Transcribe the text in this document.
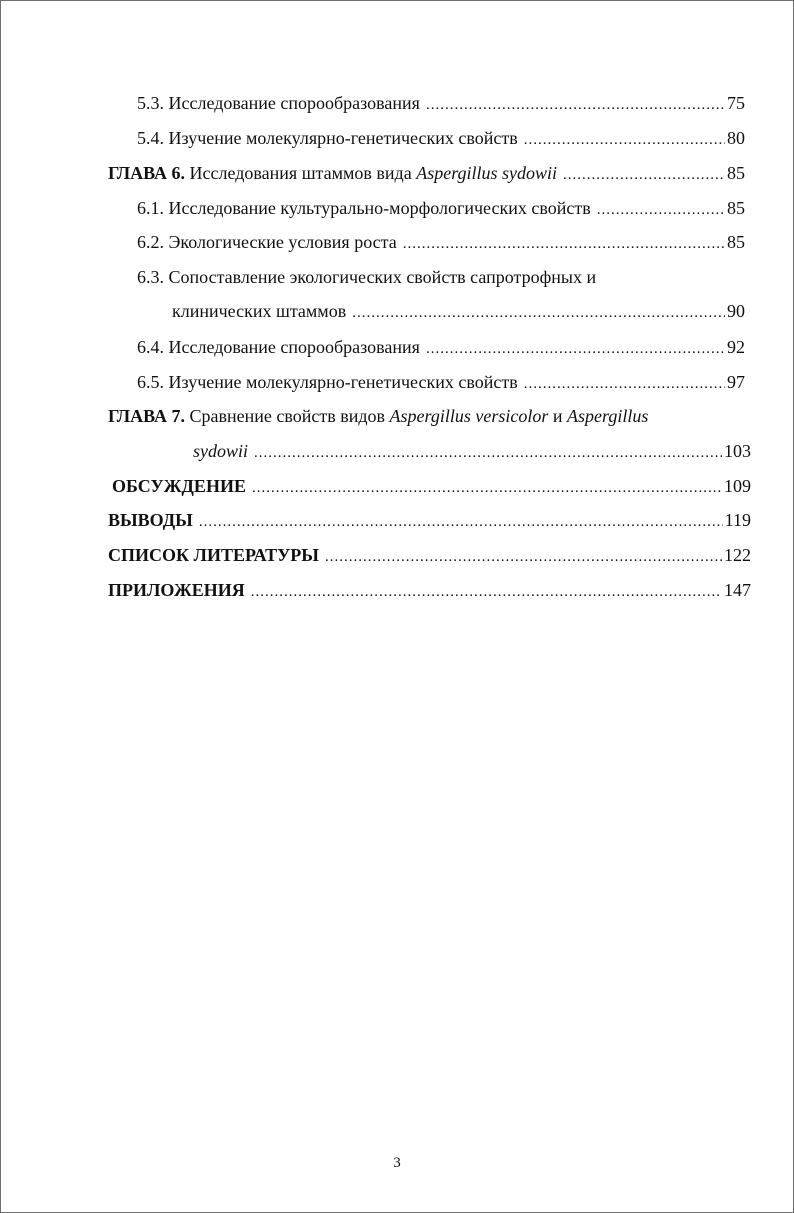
5.3. Исследование спорообразования .....	75
5.4. Изучение молекулярно-генетических свойств .....	80
ГЛАВА 6. Исследования штаммов вида Aspergillus sydowii .....	85
6.1. Исследование культурально-морфологических свойств .....	85
6.2. Экологические условия роста .....	85
6.3. Сопоставление экологических свойств сапротрофных и
клинических штаммов .....	90
6.4. Исследование спорообразования .....	92
6.5. Изучение молекулярно-генетических свойств .....	97
ГЛАВА 7. Сравнение свойств видов Aspergillus versicolor и Aspergillus
sydowii .....	103
ОБСУЖДЕНИЕ .....	109
ВЫВОДЫ .....	119
СПИСОК ЛИТЕРАТУРЫ .....	122
ПРИЛОЖЕНИЯ .....	147
3
